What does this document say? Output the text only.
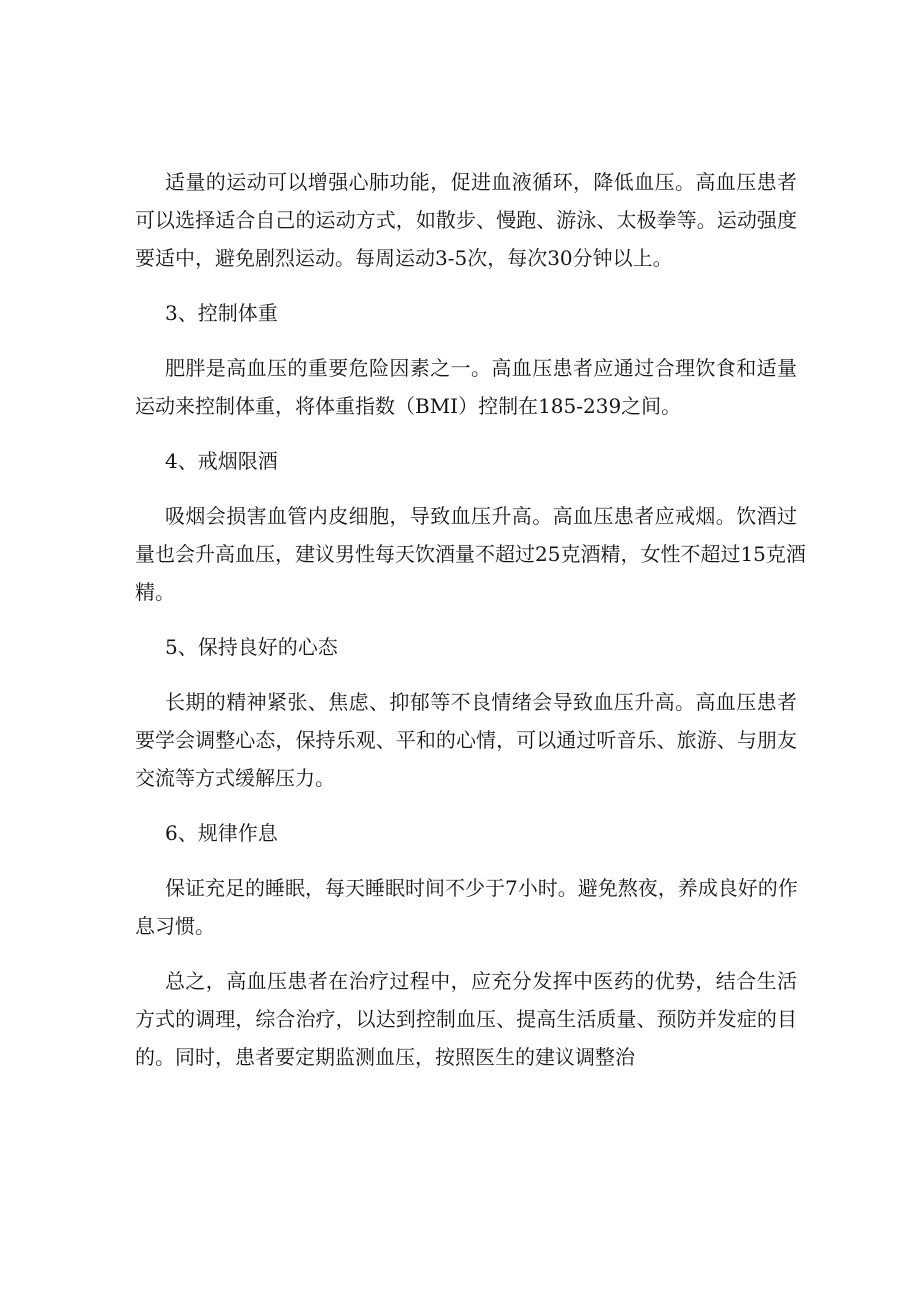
适量的运动可以增强心肺功能，促进血液循环，降低血压。高血压患者
可以选择适合自己的运动方式，如散步、慢跑、游泳、太极拳等。运动强度
要适中，避免剧烈运动。每周运动3-5次，每次30分钟以上。
3、控制体重
肥胖是高血压的重要危险因素之一。高血压患者应通过合理饮食和适量
运动来控制体重，将体重指数（BMI）控制在185-239之间。
4、戒烟限酒
吸烟会损害血管内皮细胞，导致血压升高。高血压患者应戒烟。饮酒过
量也会升高血压，建议男性每天饮酒量不超过25克酒精，女性不超过15克酒
精。
5、保持良好的心态
长期的精神紧张、焦虑、抑郁等不良情绪会导致血压升高。高血压患者
要学会调整心态，保持乐观、平和的心情，可以通过听音乐、旅游、与朋友
交流等方式缓解压力。
6、规律作息
保证充足的睡眠，每天睡眠时间不少于7小时。避免熬夜，养成良好的作
息习惯。
总之，高血压患者在治疗过程中，应充分发挥中医药的优势，结合生活
方式的调理，综合治疗，以达到控制血压、提高生活质量、预防并发症的目
的。同时，患者要定期监测血压，按照医生的建议调整治
